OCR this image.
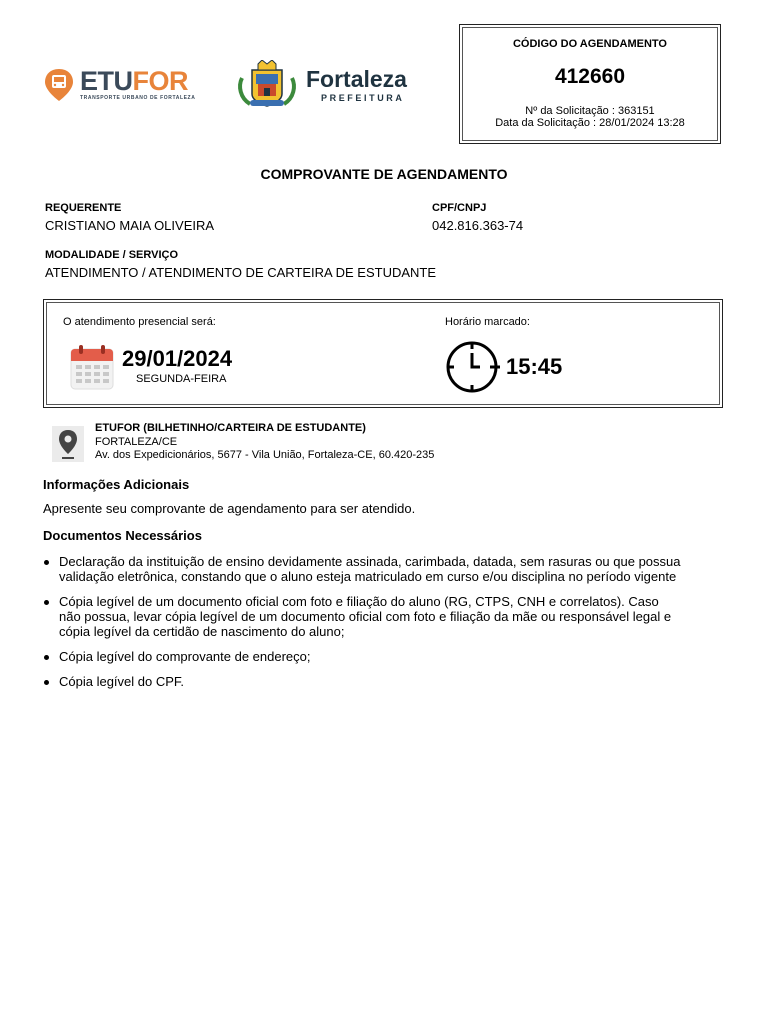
ETUFOR
TRANSPORTE URBANO DE FORTALEZA
Fortaleza
PREFEITURA
CÓDIGO DO AGENDAMENTO
412660
Nº da Solicitação : 363151
Data da Solicitação : 28/01/2024 13:28
COMPROVANTE DE AGENDAMENTO
REQUERENTE
CRISTIANO MAIA OLIVEIRA
CPF/CNPJ
042.816.363-74
MODALIDADE / SERVIÇO
ATENDIMENTO / ATENDIMENTO DE CARTEIRA DE ESTUDANTE
O atendimento presencial será:	Horário marcado:
29/01/2024
SEGUNDA-FEIRA	15:45
ETUFOR (BILHETINHO/CARTEIRA DE ESTUDANTE)
FORTALEZA/CE
Av. dos Expedicionários, 5677 - Vila União, Fortaleza-CE, 60.420-235
Informações Adicionais
Apresente seu comprovante de agendamento para ser atendido.
Documentos Necessários
Declaração da instituição de ensino devidamente assinada, carimbada, datada, sem rasuras ou que possua
validação eletrônica, constando que o aluno esteja matriculado em curso e/ou disciplina no período vigente
Cópia legível de um documento oficial com foto e filiação do aluno (RG, CTPS, CNH e correlatos). Caso
não possua, levar cópia legível de um documento oficial com foto e filiação da mãe ou responsável legal e
cópia legível da certidão de nascimento do aluno;
Cópia legível do comprovante de endereço;
Cópia legível do CPF.
